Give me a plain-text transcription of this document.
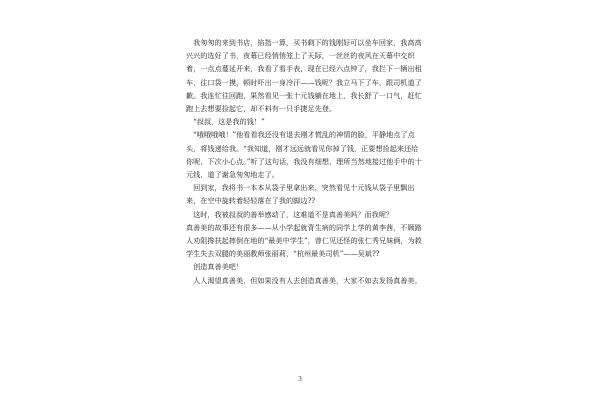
我匆匆的来到书店，掐指一算，买书剩下的钱刚好可以坐车回家，我高高兴兴的选好了书，夜幕已经悄悄笼上了天际，一丝丝的夜风在天幕中交织着，一点点蔓延开来，我看了看手表，现在已经六点钟了，我拦下一辆出租车，往口袋一摸，顿时吓出一身冷汗——钱呢？我立马下了车，跟司机道了歉。我连忙往回跑，果然看见一张十元钱躺在地上，我长舒了一口气，赶忙跑上去想要捡起它，却不料有一只手捷足先登。

“叔叔，这是我的钱！”

“哦哦哦哦！”他看看我还没有退去刚才慌乱的神情的脸，平静地点了点头，将钱递给我。“我知道，刚才远远就看见你掉了钱，正要想捡起来还给你呢，下次小心点。”听了这句话，我没有细想，理所当然地接过他手中的十元钱，道了谢急匆匆地走了。

回到家，我将书一本本从袋子里拿出来，突然看见十元钱从袋子里飘出来，在空中旋转着轻轻落在了我的脚边??

这时，我被叔叔的善举感动了，这难道不是真善美吗？而我呢？

真善美的故事还有很多——从小学起就背生病的同学上学的黄李茜，不顾路人劝阻搀扶起摔倒在地的“最美中学生”，曾仁见还怪的张仁秀兄妹俩，为救学生失去双腿的美丽教师张丽莉，“杭州最美司机”——吴斌??

创造真善美吧！

人人渴望真善美，但如果没有人去创造真善美，大家不如去发扬真善美。

3
